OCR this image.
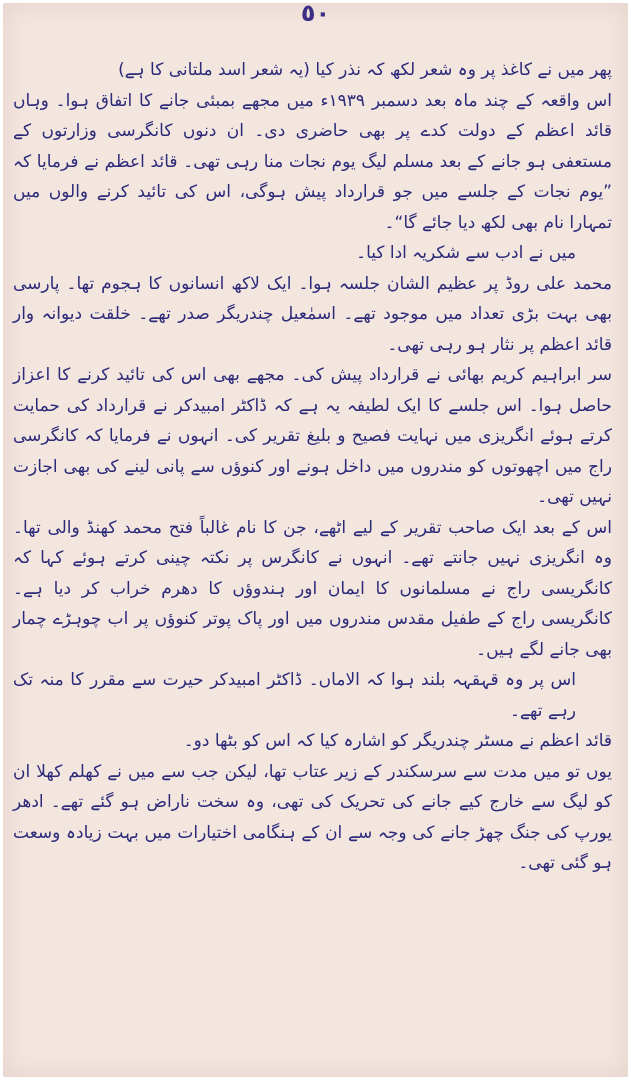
٥٠

پھر میں نے کاغذ پر وہ شعر لکھ کہ نذر کیا (یہ شعر اسد ملتانی کا ہے)

اس واقعہ کے چند ماہ بعد دسمبر ۱۹۳۹ء میں مجھے بمبئی جانے کا اتفاق ہوا۔ وہاں قائد اعظم کے دولت کدے پر بھی حاضری دی۔ ان دنوں کانگرسی وزارتوں کے مستعفی ہو جانے کے بعد مسلم لیگ یوم نجات منا رہی تھی۔ قائد اعظم نے فرمایا کہ ”یوم نجات کے جلسے میں جو قرارداد پیش ہوگی، اس کی تائید کرنے والوں میں تمہارا نام بھی لکھ دیا جائے گا“۔

میں نے ادب سے شکریہ ادا کیا۔

محمد علی روڈ پر عظیم الشان جلسہ ہوا۔ ایک لاکھ انسانوں کا ہجوم تھا۔ پارسی بھی بہت بڑی تعداد میں موجود تھے۔ اسمٰعیل چندریگر صدر تھے۔ خلقت دیوانہ وار قائد اعظم پر نثار ہو رہی تھی۔

سر ابراہیم کریم بھائی نے قرارداد پیش کی۔ مجھے بھی اس کی تائید کرنے کا اعزاز حاصل ہوا۔ اس جلسے کا ایک لطیفہ یہ ہے کہ ڈاکٹر امبیدکر نے قرارداد کی حمایت کرتے ہوئے انگریزی میں نہایت فصیح و بلیغ تقریر کی۔ انہوں نے فرمایا کہ کانگرسی راج میں اچھوتوں کو مندروں میں داخل ہونے اور کنوؤں سے پانی لینے کی بھی اجازت نہیں تھی۔

اس کے بعد ایک صاحب تقریر کے لیے اٹھے، جن کا نام غالباً فتح محمد کھنڈ والی تھا۔ وہ انگریزی نہیں جانتے تھے۔ انہوں نے کانگرس پر نکتہ چینی کرتے ہوئے کہا کہ کانگریسی راج نے مسلمانوں کا ایمان اور ہندوؤں کا دھرم خراب کر دیا ہے۔ کانگریسی راج کے طفیل مقدس مندروں میں اور پاک پوتر کنوؤں پر اب چوہڑے چمار بھی جانے لگے ہیں۔

اس پر وہ قہقہہ بلند ہوا کہ الاماں۔ ڈاکٹر امبیدکر حیرت سے مقرر کا منہ تک رہے تھے۔

قائد اعظم نے مسٹر چندریگر کو اشارہ کیا کہ اس کو بٹھا دو۔

یوں تو میں مدت سے سرسکندر کے زیر عتاب تھا، لیکن جب سے میں نے کھلم کھلا ان کو لیگ سے خارج کیے جانے کی تحریک کی تھی، وہ سخت ناراض ہو گئے تھے۔ ادھر یورپ کی جنگ چھڑ جانے کی وجہ سے ان کے ہنگامی اختیارات میں بہت زیادہ وسعت ہو گئی تھی۔
